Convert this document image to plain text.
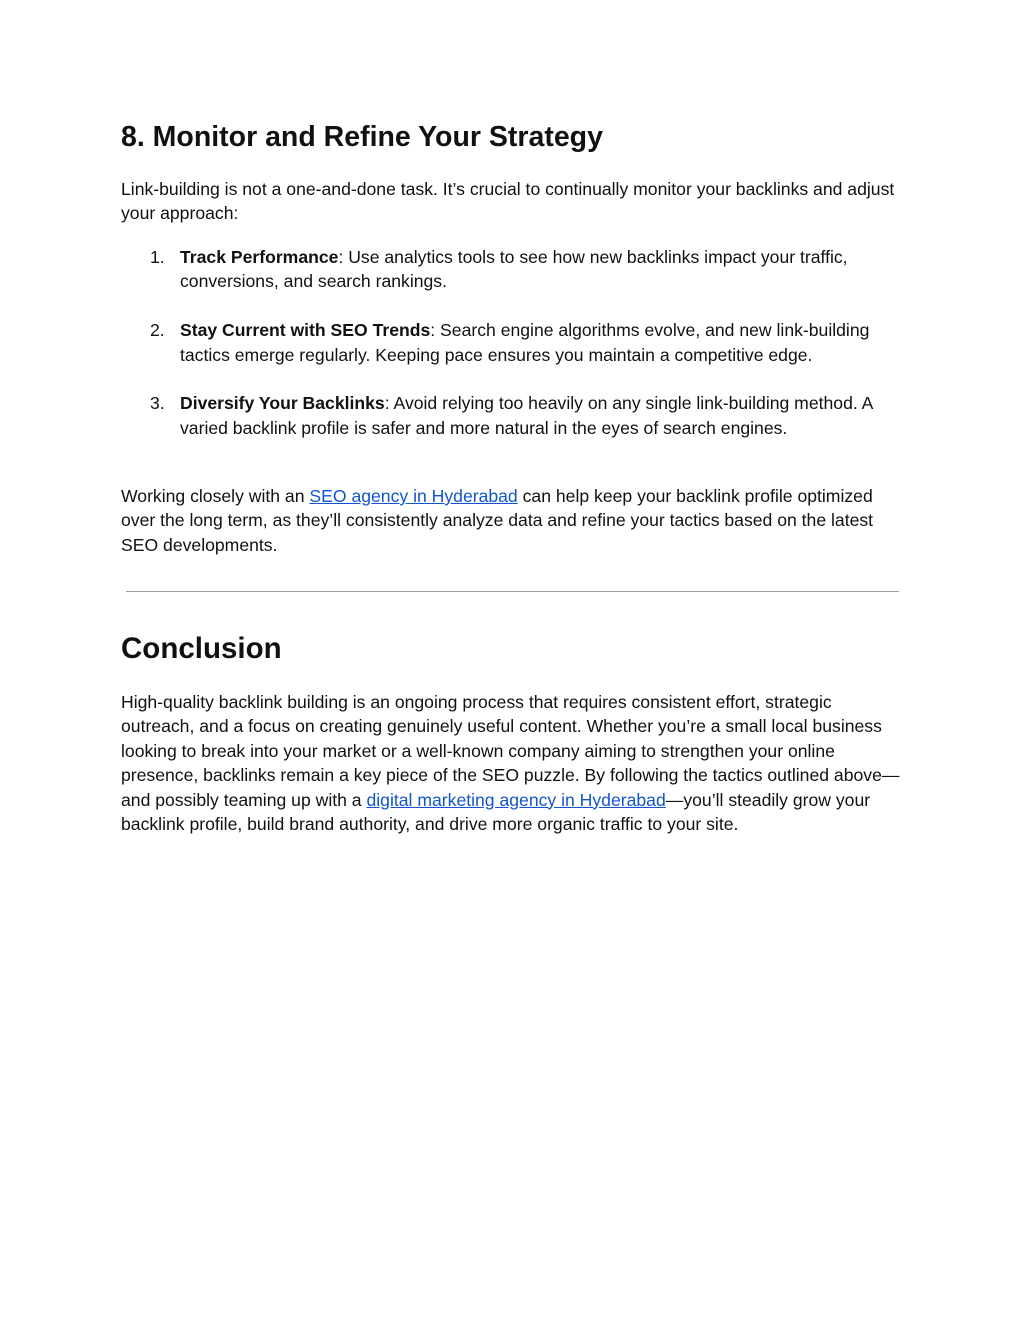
8. Monitor and Refine Your Strategy

Link-building is not a one-and-done task. It’s crucial to continually monitor your backlinks and adjust your approach:

1. Track Performance: Use analytics tools to see how new backlinks impact your traffic, conversions, and search rankings.
2. Stay Current with SEO Trends: Search engine algorithms evolve, and new link-building tactics emerge regularly. Keeping pace ensures you maintain a competitive edge.
3. Diversify Your Backlinks: Avoid relying too heavily on any single link-building method. A varied backlink profile is safer and more natural in the eyes of search engines.

Working closely with an SEO agency in Hyderabad can help keep your backlink profile optimized over the long term, as they’ll consistently analyze data and refine your tactics based on the latest SEO developments.

Conclusion

High-quality backlink building is an ongoing process that requires consistent effort, strategic outreach, and a focus on creating genuinely useful content. Whether you’re a small local business looking to break into your market or a well-known company aiming to strengthen your online presence, backlinks remain a key piece of the SEO puzzle. By following the tactics outlined above—and possibly teaming up with a digital marketing agency in Hyderabad—you’ll steadily grow your backlink profile, build brand authority, and drive more organic traffic to your site.
